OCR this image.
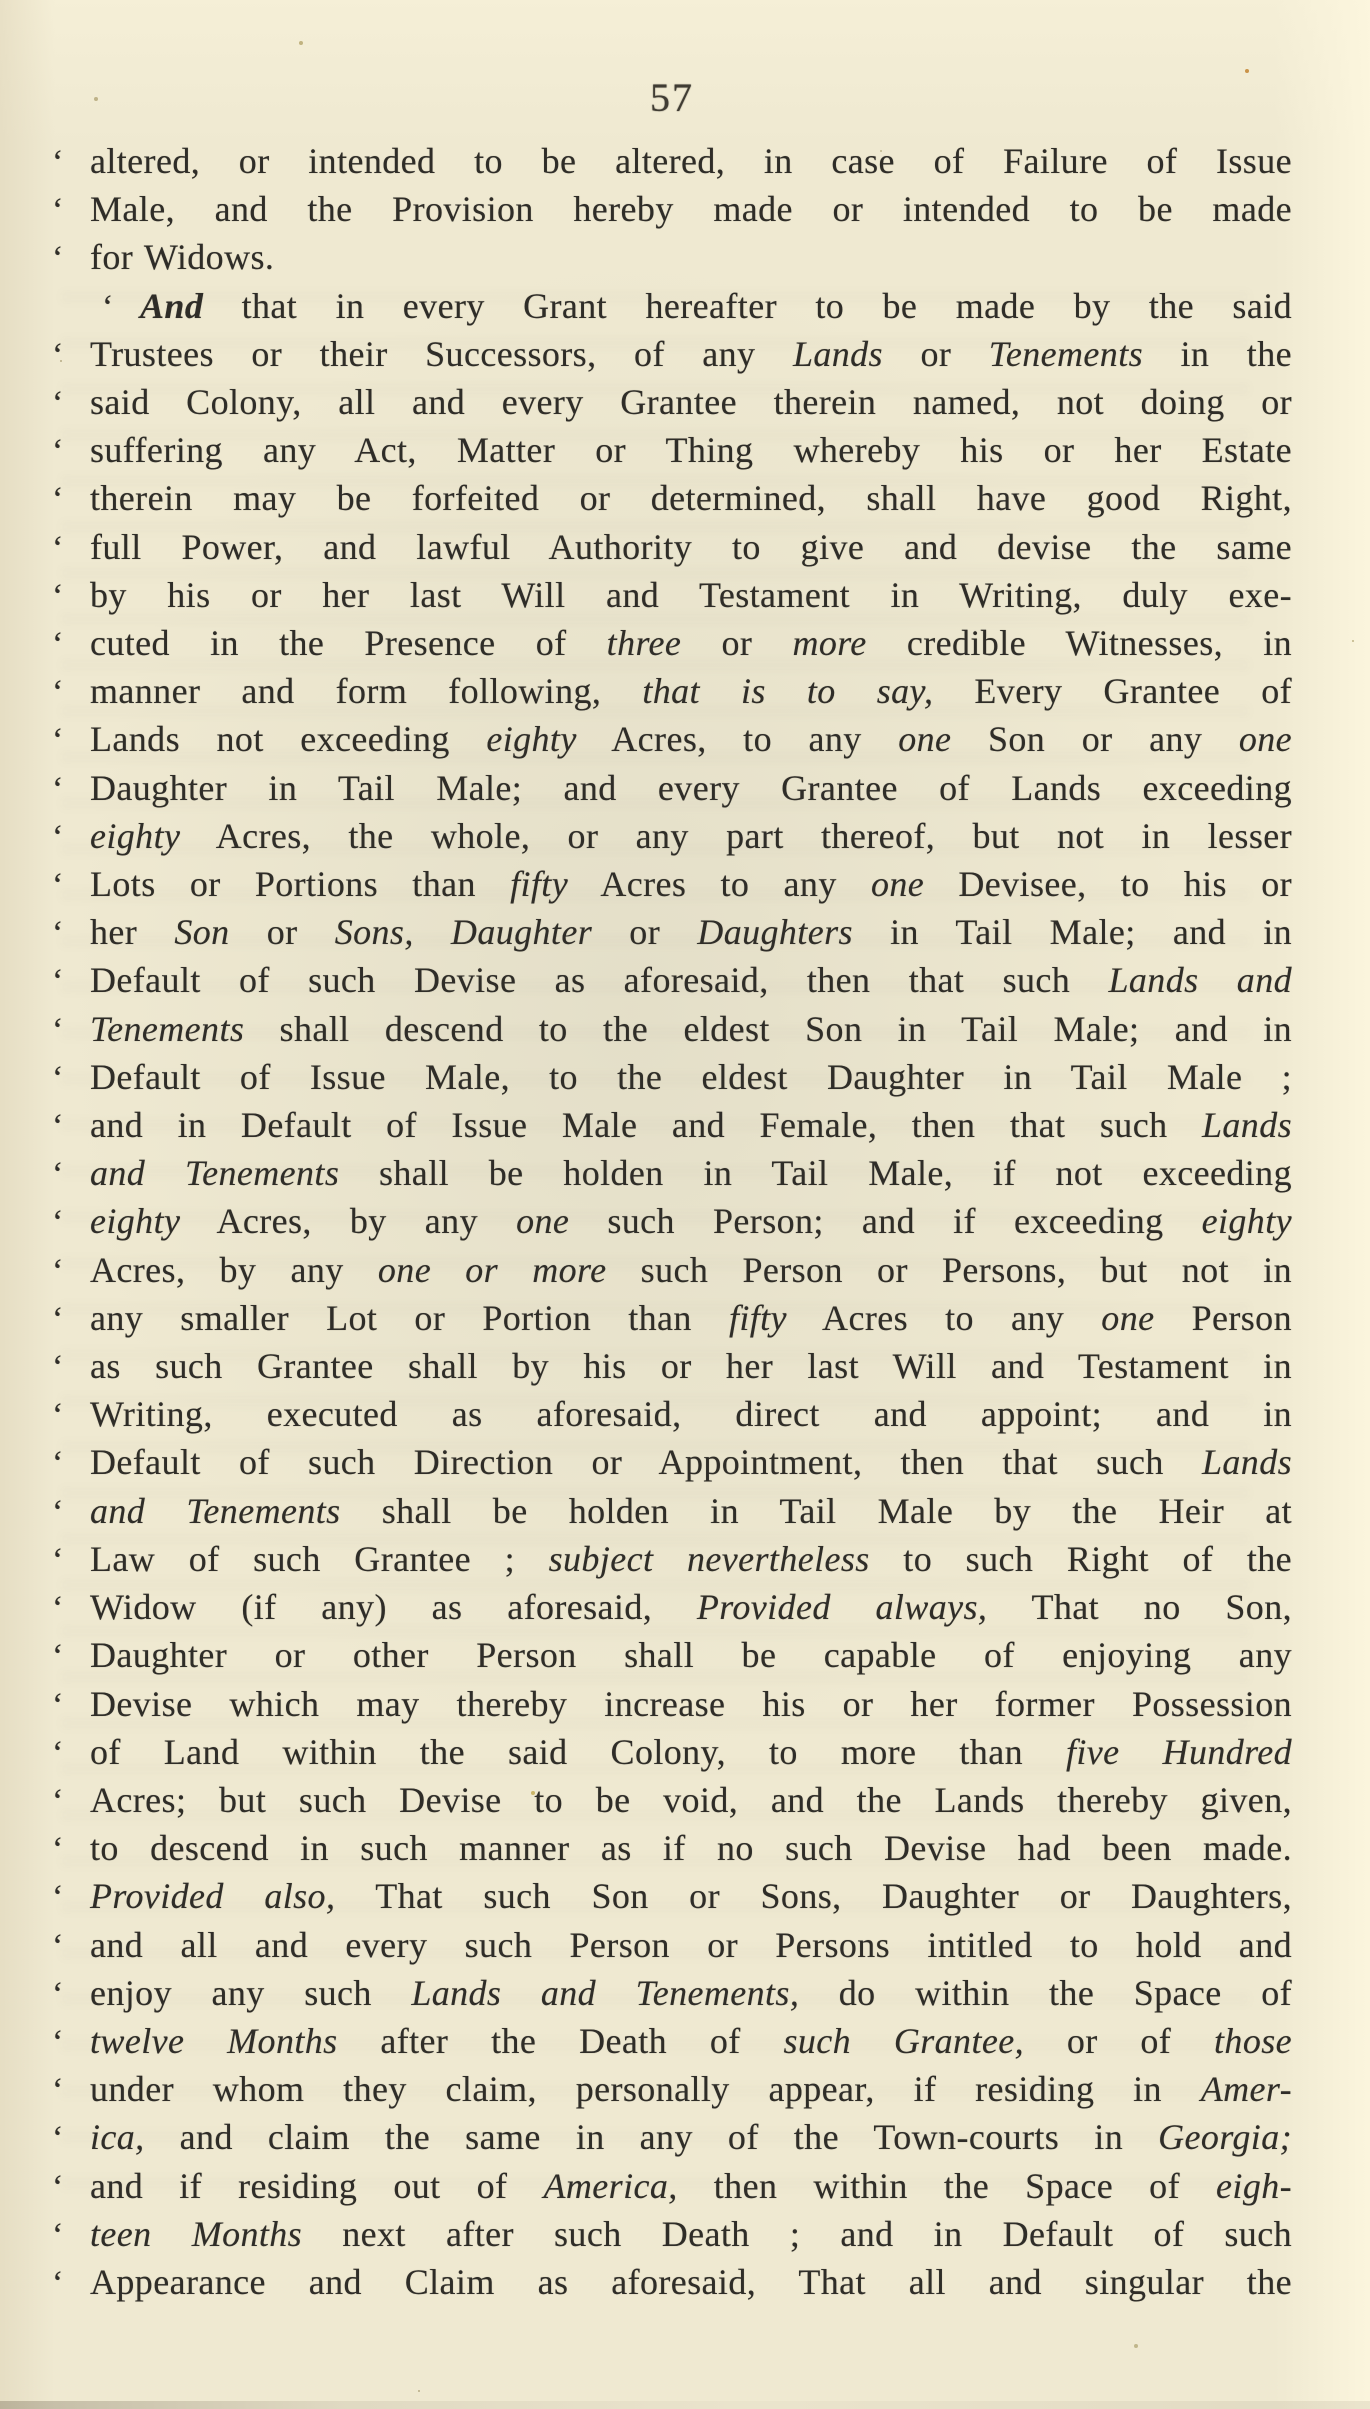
57
‘ altered, or intended to be altered, in case of Failure of Issue
‘ Male, and the Provision hereby made or intended to be made
‘ for Widows.
‘ And that in every Grant hereafter to be made by the said
‘ Trustees or their Successors, of any Lands or Tenements in the
‘ said Colony, all and every Grantee therein named, not doing or
‘ suffering any Act, Matter or Thing whereby his or her Estate
‘ therein may be forfeited or determined, shall have good Right,
‘ full Power, and lawful Authority to give and devise the same
‘ by his or her last Will and Testament in Writing, duly exe-
‘ cuted in the Presence of three or more credible Witnesses, in
‘ manner and form following, that is to say, Every Grantee of
‘ Lands not exceeding eighty Acres, to any one Son or any one
‘ Daughter in Tail Male; and every Grantee of Lands exceeding
‘ eighty Acres, the whole, or any part thereof, but not in lesser
‘ Lots or Portions than fifty Acres to any one Devisee, to his or
‘ her Son or Sons, Daughter or Daughters in Tail Male; and in
‘ Default of such Devise as aforesaid, then that such Lands and
‘ Tenements shall descend to the eldest Son in Tail Male; and in
‘ Default of Issue Male, to the eldest Daughter in Tail Male ;
‘ and in Default of Issue Male and Female, then that such Lands
‘ and Tenements shall be holden in Tail Male, if not exceeding
‘ eighty Acres, by any one such Person; and if exceeding eighty
‘ Acres, by any one or more such Person or Persons, but not in
‘ any smaller Lot or Portion than fifty Acres to any one Person
‘ as such Grantee shall by his or her last Will and Testament in
‘ Writing, executed as aforesaid, direct and appoint; and in
‘ Default of such Direction or Appointment, then that such Lands
‘ and Tenements shall be holden in Tail Male by the Heir at
‘ Law of such Grantee ; subject nevertheless to such Right of the
‘ Widow (if any) as aforesaid, Provided always, That no Son,
‘ Daughter or other Person shall be capable of enjoying any
‘ Devise which may thereby increase his or her former Possession
‘ of Land within the said Colony, to more than five Hundred
‘ Acres; but such Devise to be void, and the Lands thereby given,
‘ to descend in such manner as if no such Devise had been made.
‘ Provided also, That such Son or Sons, Daughter or Daughters,
‘ and all and every such Person or Persons intitled to hold and
‘ enjoy any such Lands and Tenements, do within the Space of
‘ twelve Months after the Death of such Grantee, or of those
‘ under whom they claim, personally appear, if residing in Amer-
‘ ica, and claim the same in any of the Town-courts in Georgia;
‘ and if residing out of America, then within the Space of eigh-
‘ teen Months next after such Death ; and in Default of such
‘ Appearance and Claim as aforesaid, That all and singular the
